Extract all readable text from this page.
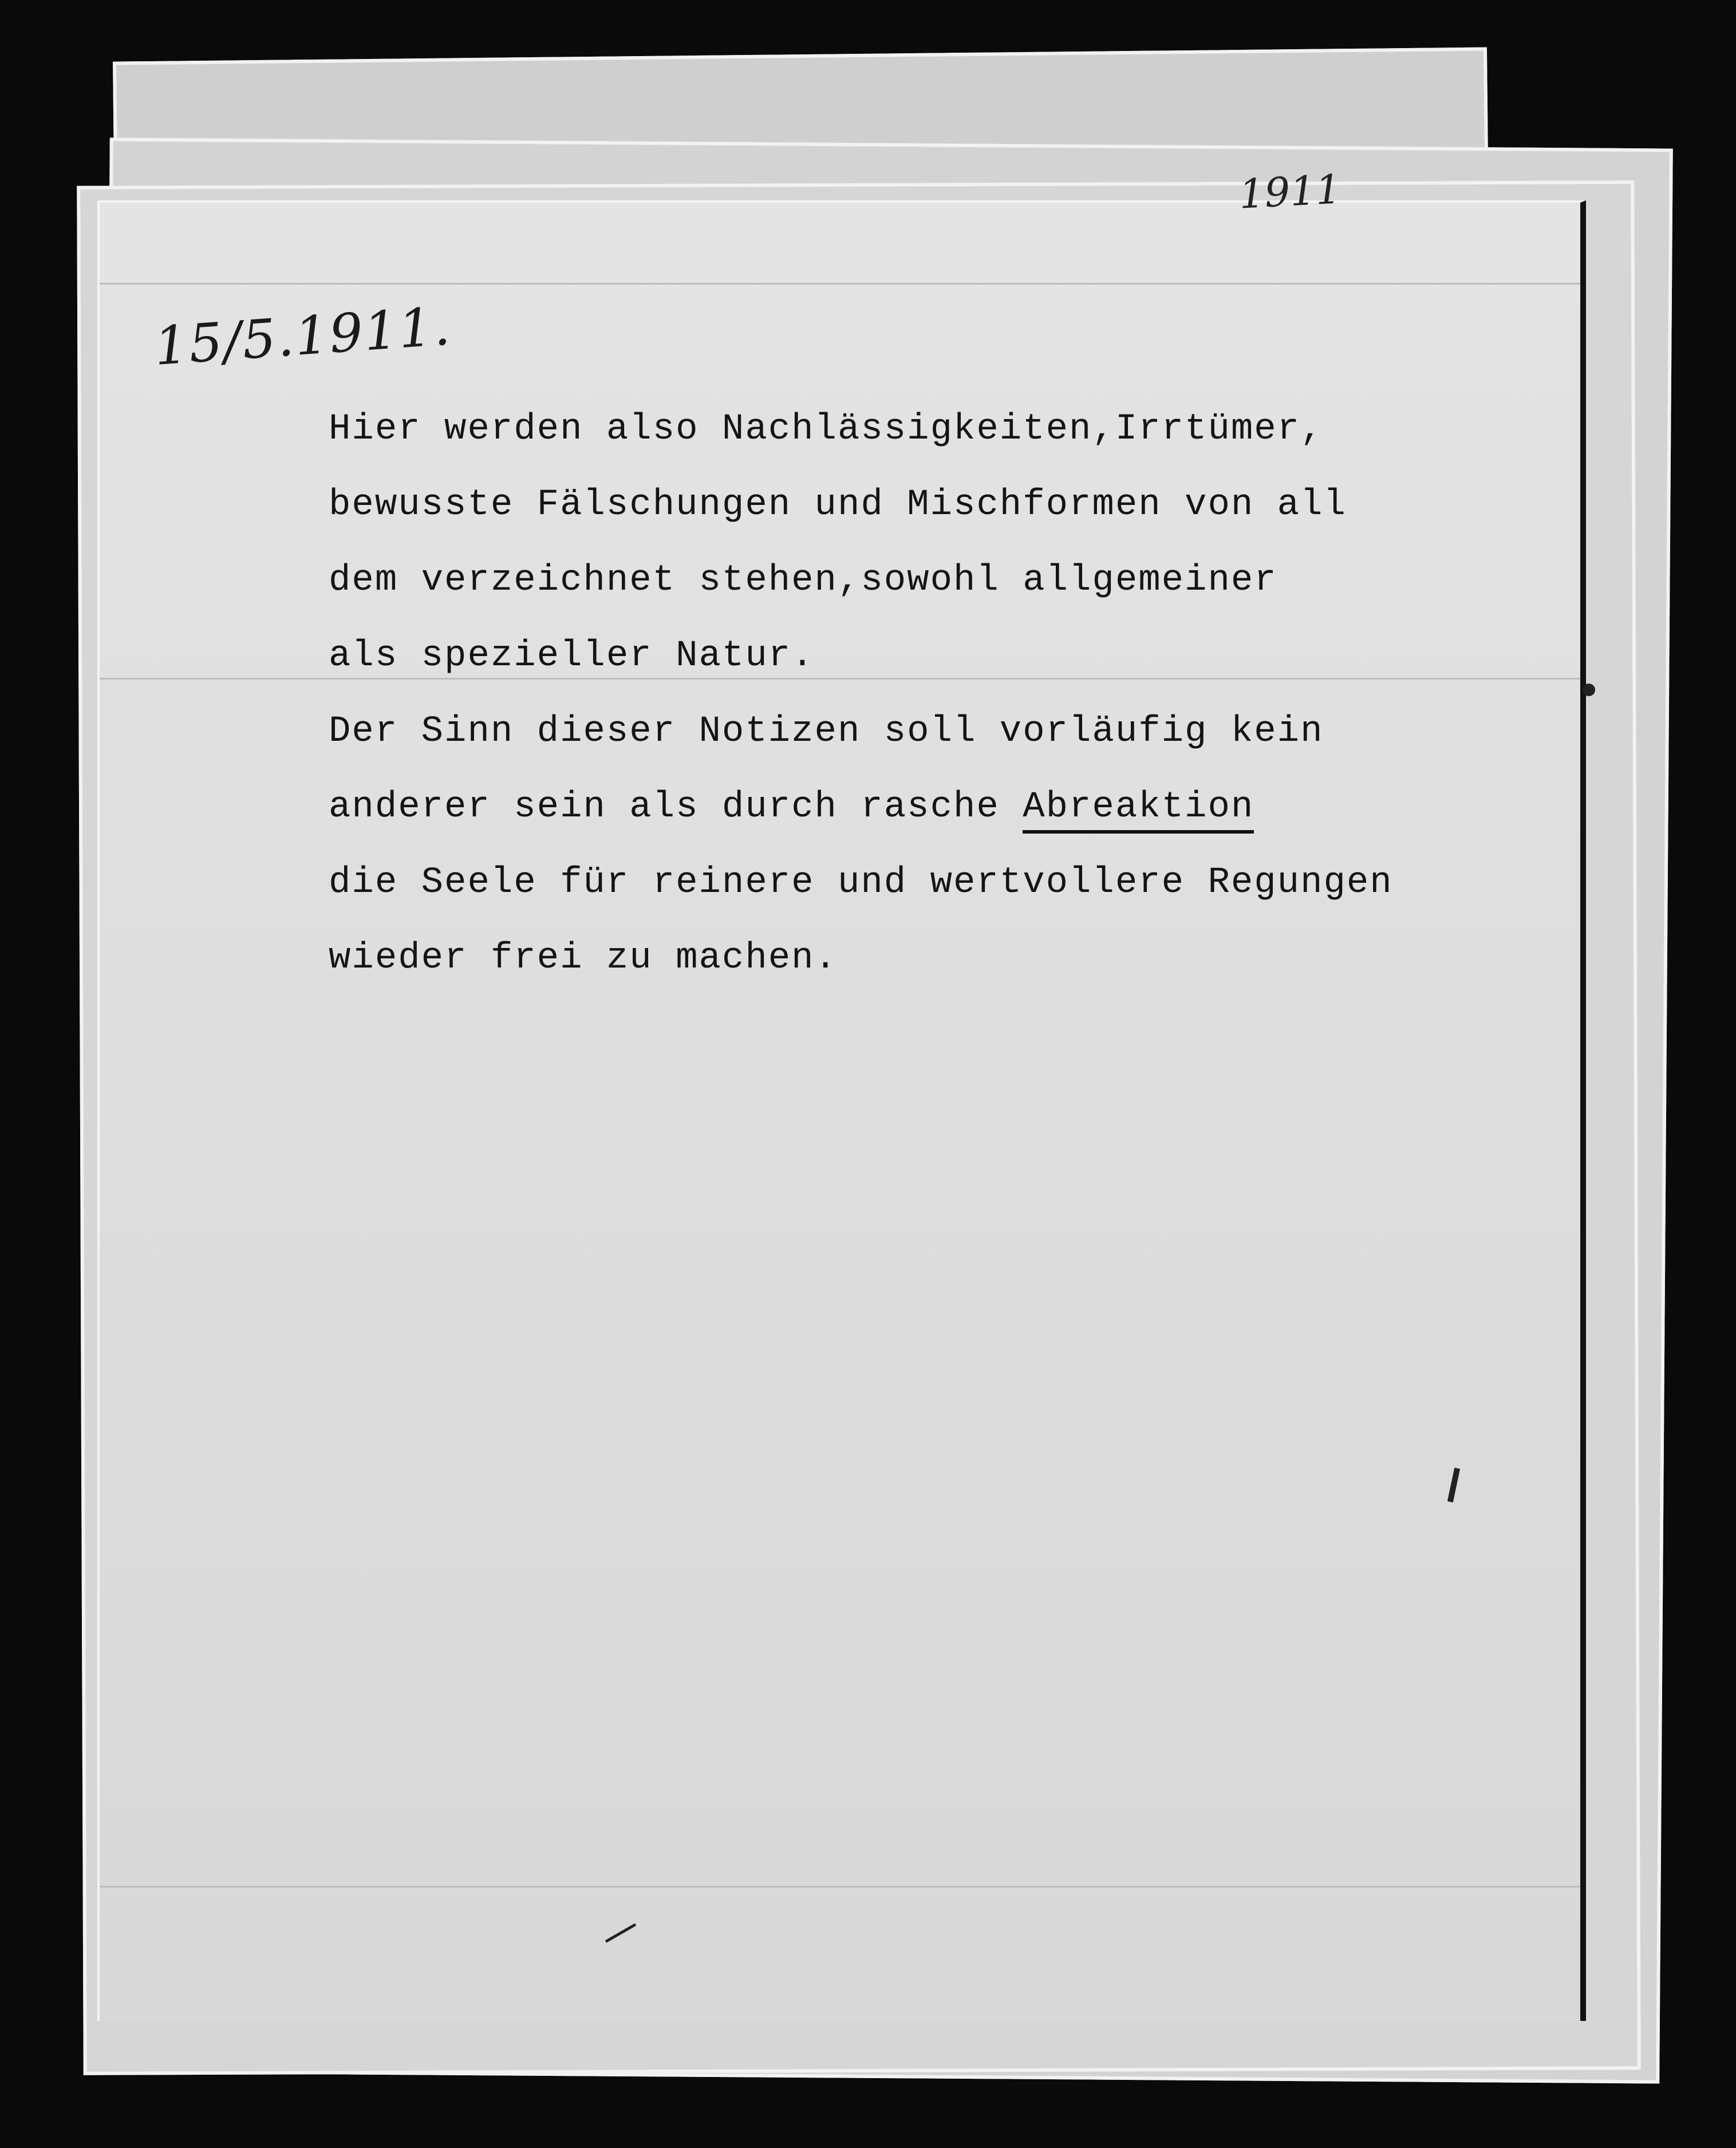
1911
15/5.1911.
Hier werden also Nachlässigkeiten,Irrtümer,
bewusste Fälschungen und Mischformen von all
dem verzeichnet stehen,sowohl allgemeiner
als spezieller Natur.
Der Sinn dieser Notizen soll vorläufig kein
anderer sein als durch rasche Abreaktion
die Seele für reinere und wertvollere Regungen
wieder frei zu machen.
